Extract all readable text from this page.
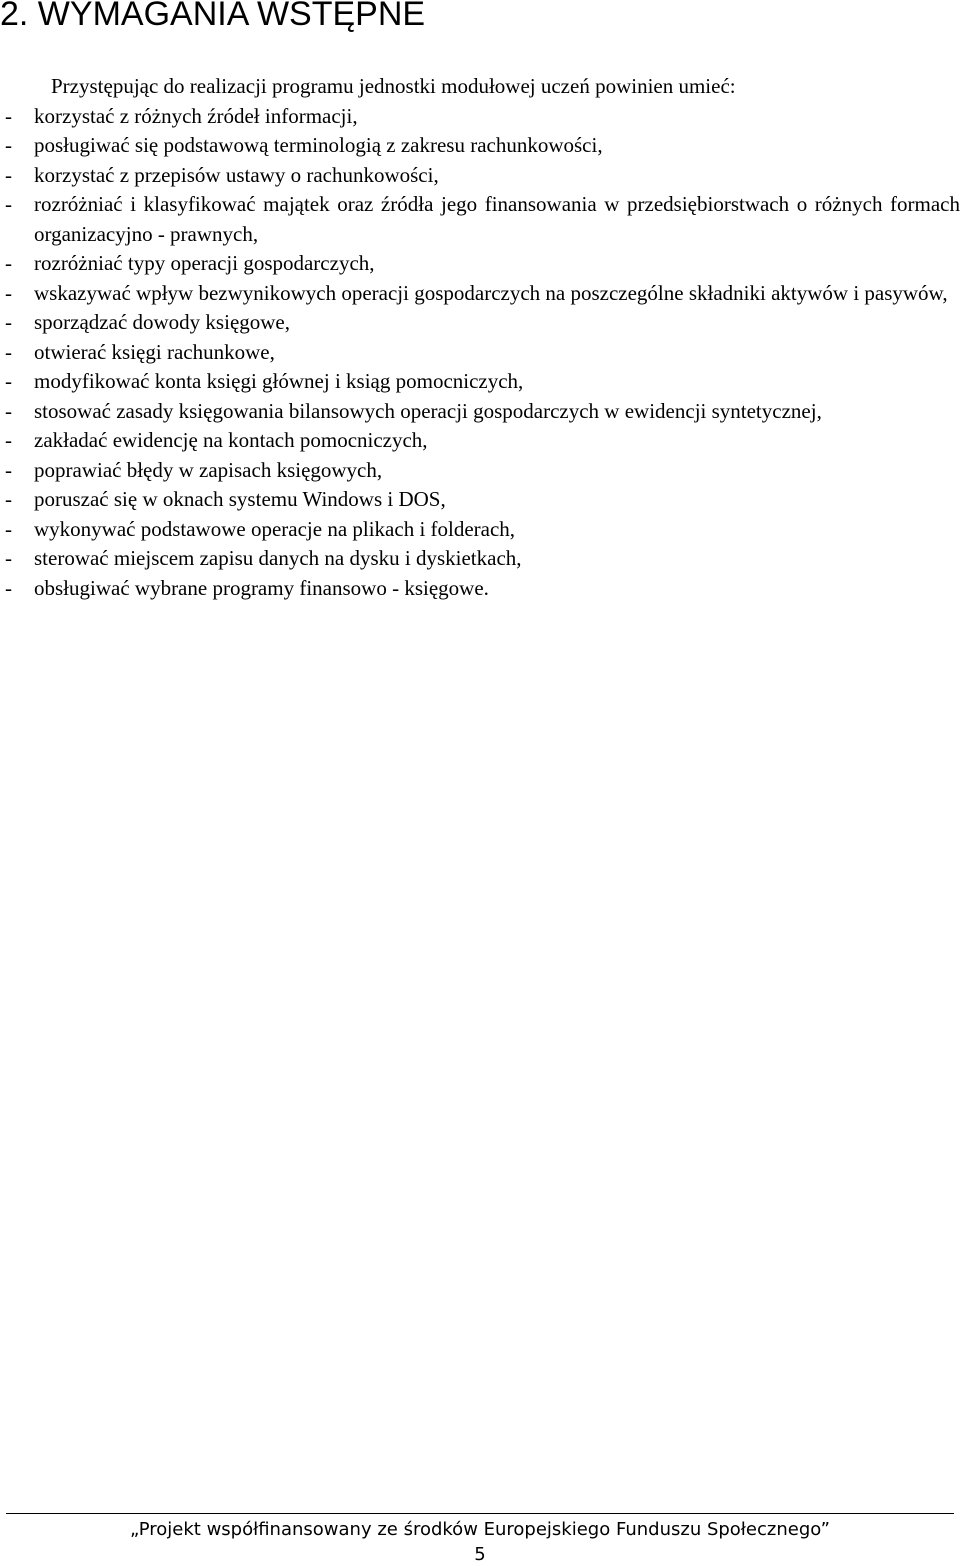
2. WYMAGANIA WSTĘPNE

Przystępując do realizacji programu jednostki modułowej uczeń powinien umieć:

- korzystać z różnych źródeł informacji,
- posługiwać się podstawową terminologią z zakresu rachunkowości,
- korzystać z przepisów ustawy o rachunkowości,
- rozróżniać i klasyfikować majątek oraz źródła jego finansowania w przedsiębiorstwach o różnych formach organizacyjno - prawnych,
- rozróżniać typy operacji gospodarczych,
- wskazywać wpływ bezwynikowych operacji gospodarczych na poszczególne składniki aktywów i pasywów,
- sporządzać dowody księgowe,
- otwierać księgi rachunkowe,
- modyfikować konta księgi głównej i ksiąg pomocniczych,
- stosować zasady księgowania bilansowych operacji gospodarczych w ewidencji syntetycznej,
- zakładać ewidencję na kontach pomocniczych,
- poprawiać błędy w zapisach księgowych,
- poruszać się w oknach systemu Windows i DOS,
- wykonywać podstawowe operacje na plikach i folderach,
- sterować miejscem zapisu danych na dysku i dyskietkach,
- obsługiwać wybrane programy finansowo - księgowe.
„Projekt współfinansowany ze środków Europejskiego Funduszu Społecznego”
5
